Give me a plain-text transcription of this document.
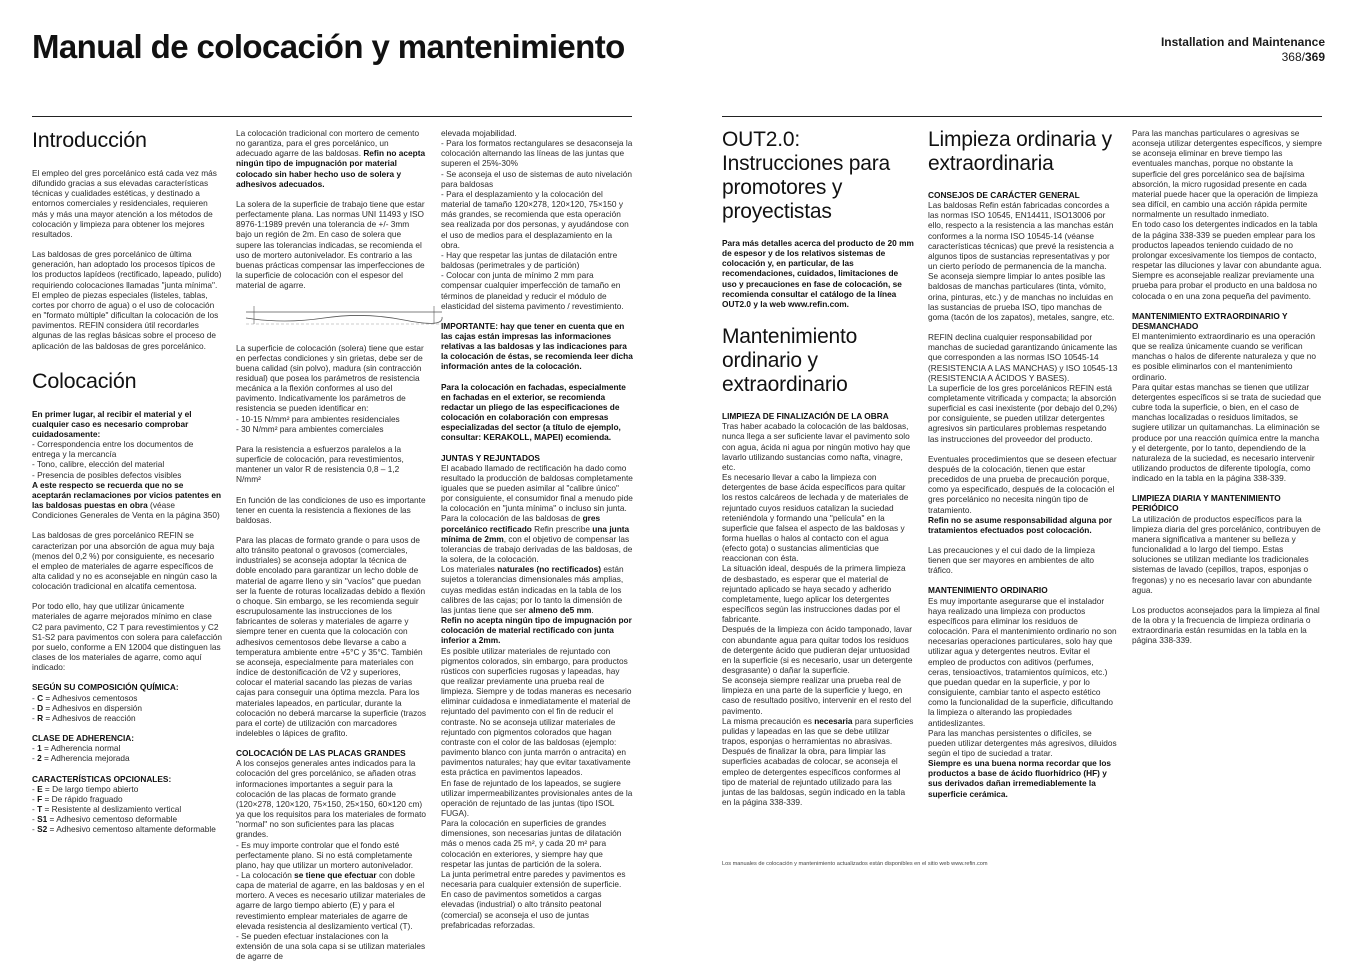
Manual de colocación y mantenimiento	Installation and Maintenance
368/369
Introducción

El empleo del gres porcelánico está cada vez más difundido gracias a sus elevadas características técnicas y cualidades estéticas, y destinado a entornos comerciales y residenciales, requieren más y más una mayor atención a los métodos de colocación y limpieza para obtener los mejores resultados.

Las baldosas de gres porcelánico de última generación, han adoptado los procesos típicos de los productos lapídeos (rectificado, lapeado, pulido) requiriendo colocaciones llamadas "junta mínima". El empleo de piezas especiales (listeles, tablas, cortes por chorro de agua) o el uso de colocación en "formato múltiple" dificultan la colocación de los pavimentos. REFIN considera útil recordarles algunas de las reglas básicas sobre el proceso de aplicación de las baldosas de gres porcelánico.

Colocación

En primer lugar, al recibir el material y el cualquier caso es necesario comprobar cuidadosamente:
- Correspondencia entre los documentos de entrega y la mercancía
- Tono, calibre, elección del material
- Presencia de posibles defectos visibles
A este respecto se recuerda que no se aceptarán reclamaciones por vicios patentes en las baldosas puestas en obra (véase Condiciones Generales de Venta en la página 350)

Las baldosas de gres porcelánico REFIN se caracterizan por una absorción de agua muy baja (menos del 0,2 %) por consiguiente, es necesario el empleo de materiales de agarre específicos de alta calidad y no es aconsejable en ningún caso la colocación tradicional en alcatifa cementosa.

Por todo ello, hay que utilizar únicamente materiales de agarre mejorados mínimo en clase C2 para pavimento, C2 T para revestimientos y C2 S1-S2 para pavimentos con solera para calefacción por suelo, conforme a EN 12004 que distinguen las clases de los materiales de agarre, como aquí indicado:

SEGÚN SU COMPOSICIÓN QUÍMICA:

- C = Adhesivos cementosos
- D = Adhesivos en dispersión
- R = Adhesivos de reacción

CLASE DE ADHERENCIA:

- 1 = Adherencia normal
- 2 = Adherencia mejorada

CARACTERÍSTICAS OPCIONALES:

- E = De largo tiempo abierto
- F = De rápido fraguado
- T = Resistente al deslizamiento vertical
- S1 = Adhesivo cementoso deformable
- S2 = Adhesivo cementoso altamente deformable

La colocación tradicional con mortero de cemento no garantiza, para el gres porcelánico, un adecuado agarre de las baldosas. Refin no acepta ningún tipo de impugnación por material colocado sin haber hecho uso de solera y adhesivos adecuados.

La solera de la superficie de trabajo tiene que estar perfectamente plana. Las normas UNI 11493 y ISO 8976-1:1989 prevén una tolerancia de +/- 3mm bajo un región de 2m. En caso de solera que supere las tolerancias indicadas, se recomienda el uso de mortero autonivelador. Es contrario a las buenas prácticas compensar las imperfecciones de la superficie de colocación con el espesor del material de agarre.

La superficie de colocación (solera) tiene que estar en perfectas condiciones y sin grietas, debe ser de buena calidad (sin polvo), madura (sin contracción residual) que posea los parámetros de resistencia mecánica a la flexión conformes al uso del pavimento. Indicativamente los parámetros de resistencia se pueden identificar en:

- 10-15 N/mm² para ambientes residenciales
- 30 N/mm² para ambientes comerciales

Para la resistencia a esfuerzos paralelos a la superficie de colocación, para revestimientos, mantener un valor R de resistencia 0,8 – 1,2 N/mm²

En función de las condiciones de uso es importante tener en cuenta la resistencia a flexiones de las baldosas.

Para las placas de formato grande o para usos de alto tránsito peatonal o gravosos (comerciales, industriales) se aconseja adoptar la técnica de doble encolado para garantizar un lecho doble de material de agarre lleno y sin "vacíos" que puedan ser la fuente de roturas localizadas debido a flexión o choque. Sin embargo, se les recomienda seguir escrupulosamente las instrucciones de los fabricantes de soleras y materiales de agarre y siempre tener en cuenta que la colocación con adhesivos cementosos debe llevarse a cabo a temperatura ambiente entre +5°C y 35°C. También se aconseja, especialmente para materiales con índice de destonificación de V2 y superiores, colocar el material sacando las piezas de varias cajas para conseguir una óptima mezcla. Para los materiales lapeados, en particular, durante la colocación no deberá marcarse la superficie (trazos para el corte) de utilización con marcadores indelebles o lápices de grafito.

COLOCACIÓN DE LAS PLACAS GRANDES

A los consejos generales antes indicados para la colocación del gres porcelánico, se añaden otras informaciones importantes a seguir para la colocación de las placas de formato grande (120×278, 120×120, 75×150, 25×150, 60×120 cm) ya que los requisitos para los materiales de formato "normal" no son suficientes para las placas grandes.
- Es muy importe controlar que el fondo esté perfectamente plano. Si no está completamente plano, hay que utilizar un mortero autonivelador.
- La colocación se tiene que efectuar con doble capa de material de agarre, en las baldosas y en el mortero. A veces es necesario utilizar materiales de agarre de largo tiempo abierto (E) y para el revestimiento emplear materiales de agarre de elevada resistencia al deslizamiento vertical (T).
- Se pueden efectuar instalaciones con la extensión de una sola capa si se utilizan materiales de agarre de

elevada mojabilidad.
- Para los formatos rectangulares se desaconseja la colocación alternando las líneas de las juntas que superen el 25%-30%
- Se aconseja el uso de sistemas de auto nivelación para baldosas
- Para el desplazamiento y la colocación del material de tamaño 120×278, 120×120, 75×150 y más grandes, se recomienda que esta operación sea realizada por dos personas, y ayudándose con el uso de medios para el desplazamiento en la obra.
- Hay que respetar las juntas de dilatación entre baldosas (perimetrales y de partición)
- Colocar con junta de mínimo 2 mm para compensar cualquier imperfección de tamaño en términos de planeidad y reducir el módulo de elasticidad del sistema pavimento / revestimiento.

IMPORTANTE: hay que tener en cuenta que en las cajas están impresas las informaciones relativas a las baldosas y las indicaciones para la colocación de éstas, se recomienda leer dicha información antes de la colocación.

Para la colocación en fachadas, especialmente en fachadas en el exterior, se recomienda redactar un pliego de las especificaciones de colocación en colaboración con empresas especializadas del sector (a título de ejemplo, consultar: KERAKOLL, MAPEI) ecomienda.

JUNTAS Y REJUNTADOS

El acabado llamado de rectificación ha dado como resultado la producción de baldosas completamente iguales que se pueden asimilar al "calibre único" por consiguiente, el consumidor final a menudo pide la colocación en "junta mínima" o incluso sin junta.
Para la colocación de las baldosas de gres porcelánico rectificado Refin prescribe una junta mínima de 2mm, con el objetivo de compensar las tolerancias de trabajo derivadas de las baldosas, de la solera, de la colocación.
Los materiales naturales (no rectificados) están sujetos a tolerancias dimensionales más amplias, cuyas medidas están indicadas en la tabla de los calibres de las cajas; por lo tanto la dimensión de las juntas tiene que ser almeno de5 mm.
Refin no acepta ningún tipo de impugnación por colocación de material rectificado con junta inferior a 2mm.
Es posible utilizar materiales de rejuntado con pigmentos colorados, sin embargo, para productos rústicos con superficies rugosas y lapeadas, hay que realizar previamente una prueba real de limpieza. Siempre y de todas maneras es necesario eliminar cuidadosa e inmediatamente el material de rejuntado del pavimento con el fin de reducir el contraste. No se aconseja utilizar materiales de rejuntado con pigmentos colorados que hagan contraste con el color de las baldosas (ejemplo: pavimento blanco con junta marrón o antracita) en pavimentos naturales; hay que evitar taxativamente esta práctica en pavimentos lapeados.
En fase de rejuntado de los lapeados, se sugiere utilizar impermeabilizantes provisionales antes de la operación de rejuntado de las juntas (tipo ISOL FUGA).
Para la colocación en superficies de grandes dimensiones, son necesarias juntas de dilatación más o menos cada 25 m², y cada 20 m² para colocación en exteriores, y siempre hay que respetar las juntas de partición de la solera.
La junta perimetral entre paredes y pavimentos es necesaria para cualquier extensión de superficie.
En caso de pavimentos sometidos a cargas elevadas (industrial) o alto tránsito peatonal (comercial) se aconseja el uso de juntas prefabricadas reforzadas.

OUT2.0: Instrucciones para promotores y proyectistas

Para más detalles acerca del producto de 20 mm de espesor y de los relativos sistemas de colocación y, en particular, de las recomendaciones, cuidados, limitaciones de uso y precauciones en fase de colocación, se recomienda consultar el catálogo de la línea OUT2.0 y la web www.refin.com.

Mantenimiento ordinario y extraordinario
LIMPIEZA DE FINALIZACIÓN DE LA OBRA

Tras haber acabado la colocación de las baldosas, nunca llega a ser suficiente lavar el pavimento solo con agua, ácida ni agua por ningún motivo hay que lavarlo utilizando sustancias como nafta, vinagre, etc.
Es necesario llevar a cabo la limpieza con detergentes de base ácida específicos para quitar los restos calcáreos de lechada y de materiales de rejuntado cuyos residuos catalizan la suciedad reteniéndola y formando una "película" en la superficie que falsea el aspecto de las baldosas y forma huellas o halos al contacto con el agua (efecto gota) o sustancias alimenticias que reaccionan con ésta.
La situación ideal, después de la primera limpieza de desbastado, es esperar que el material de rejuntado aplicado se haya secado y adherido completamente, luego aplicar los detergentes específicos según las instrucciones dadas por el fabricante.
Después de la limpieza con ácido tamponado, lavar con abundante agua para quitar todos los residuos de detergente ácido que pudieran dejar untuosidad en la superficie (si es necesario, usar un detergente desgrasante) o dañar la superficie.
Se aconseja siempre realizar una prueba real de limpieza en una parte de la superficie y luego, en caso de resultado positivo, intervenir en el resto del pavimento.
La misma precaución es necesaria para superficies pulidas y lapeadas en las que se debe utilizar trapos, esponjas o herramientas no abrasivas.
Después de finalizar la obra, para limpiar las superficies acabadas de colocar, se aconseja el empleo de detergentes específicos conformes al tipo de material de rejuntado utilizado para las juntas de las baldosas, según indicado en la tabla en la página 338-339.

Limpieza ordinaria y extraordinaria
CONSEJOS DE CARÁCTER GENERAL

Las baldosas Refin están fabricadas concordes a las normas ISO 10545, EN14411, ISO13006 por ello, respecto a la resistencia a las manchas están conformes a la norma ISO 10545-14 (véanse características técnicas) que prevé la resistencia a algunos tipos de sustancias representativas y por un cierto período de permanencia de la mancha. Se aconseja siempre limpiar lo antes posible las baldosas de manchas particulares (tinta, vómito, orina, pinturas, etc.) y de manchas no incluidas en las sustancias de prueba ISO, tipo manchas de goma (tacón de los zapatos), metales, sangre, etc.

REFIN declina cualquier responsabilidad por manchas de suciedad garantizando únicamente las que corresponden a las normas ISO 10545-14 (RESISTENCIA A LAS MANCHAS) y ISO 10545-13 (RESISTENCIA A ÁCIDOS Y BASES).

La superficie de los gres porcelánicos REFIN está completamente vitrificada y compacta; la absorción superficial es casi inexistente (por debajo del 0,2%) por consiguiente, se pueden utilizar detergentes agresivos sin particulares problemas respetando las instrucciones del proveedor del producto.

Eventuales procedimientos que se deseen efectuar después de la colocación, tienen que estar precedidos de una prueba de precaución porque, como ya especificado, después de la colocación el gres porcelánico no necesita ningún tipo de tratamiento.
Refin no se asume responsabilidad alguna por tratamientos efectuados post colocación.

Las precauciones y el cui dado de la limpieza tienen que ser mayores en ambientes de alto tráfico.

MANTENIMIENTO ORDINARIO

Es muy importante asegurarse que el instalador haya realizado una limpieza con productos específicos para eliminar los residuos de colocación. Para el mantenimiento ordinario no son necesarias operaciones particulares, solo hay que utilizar agua y detergentes neutros. Evitar el empleo de productos con aditivos (perfumes, ceras, tensioactivos, tratamientos químicos, etc.) que puedan quedar en la superficie, y por lo consiguiente, cambiar tanto el aspecto estético como la funcionalidad de la superficie, dificultando la limpieza o alterando las propiedades antideslizantes.
Para las manchas persistentes o difíciles, se pueden utilizar detergentes más agresivos, diluidos según el tipo de suciedad a tratar.
Siempre es una buena norma recordar que los productos a base de ácido fluorhídrico (HF) y sus derivados dañan irremediablemente la superficie cerámica.

Para las manchas particulares o agresivas se aconseja utilizar detergentes específicos, y siempre se aconseja eliminar en breve tiempo las eventuales manchas, porque no obstante la superficie del gres porcelánico sea de bajísima absorción, la micro rugosidad presente en cada material puede hacer que la operación de limpieza sea difícil, en cambio una acción rápida permite normalmente un resultado inmediato.
En todo caso los detergentes indicados en la tabla de la página 338-339 se pueden emplear para los productos lapeados teniendo cuidado de no prolongar excesivamente los tiempos de contacto, respetar las diluciones y lavar con abundante agua.
Siempre es aconsejable realizar previamente una prueba para probar el producto en una baldosa no colocada o en una zona pequeña del pavimento.

MANTENIMIENTO EXTRAORDINARIO Y DESMANCHADO

El mantenimiento extraordinario es una operación que se realiza únicamente cuando se verifican manchas o halos de diferente naturaleza y que no es posible eliminarlos con el mantenimiento ordinario.
Para quitar estas manchas se tienen que utilizar detergentes específicos si se trata de suciedad que cubre toda la superficie, o bien, en el caso de manchas localizadas o residuos limitados, se sugiere utilizar un quitamanchas. La eliminación se produce por una reacción química entre la mancha y el detergente, por lo tanto, dependiendo de la naturaleza de la suciedad, es necesario intervenir utilizando productos de diferente tipología, como indicado en la tabla en la página 338-339.

LIMPIEZA DIARIA Y MANTENIMIENTO PERIÓDICO

La utilización de productos específicos para la limpieza diaria del gres porcelánico, contribuyen de manera significativa a mantener su belleza y funcionalidad a lo largo del tiempo. Estas soluciones se utilizan mediante los tradicionales sistemas de lavado (cepillos, trapos, esponjas o fregonas) y no es necesario lavar con abundante agua.

Los productos aconsejados para la limpieza al final de la obra y la frecuencia de limpieza ordinaria o extraordinaria están resumidas en la tabla en la página 338-339.

Los manuales de colocación y mantenimiento actualizados están disponibles en el sitio web www.refin.com
